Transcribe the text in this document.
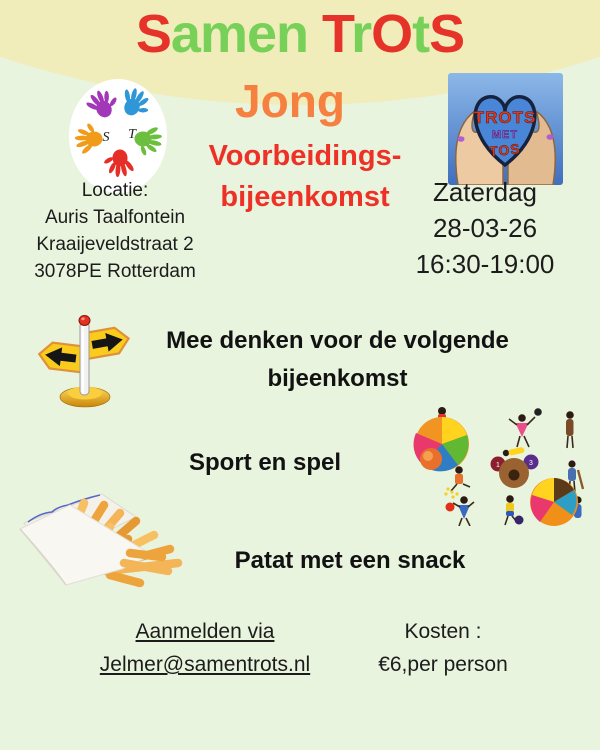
Samen TrOtS
S T
Jong	TROTS
MET
TOS
Voorbeidings-
bijeenkomst
Locatie:
Auris Taalfontein
Kraaijeveldstraat 2
3078PE Rotterdam
Zaterdag
28-03-26
16:30-19:00
Mee denken voor de volgende bijeenkomst
1	3
Sport en spel
Patat met een snack
Aanmelden via
Jelmer@samentrots.nl
Kosten :
€6,per person
